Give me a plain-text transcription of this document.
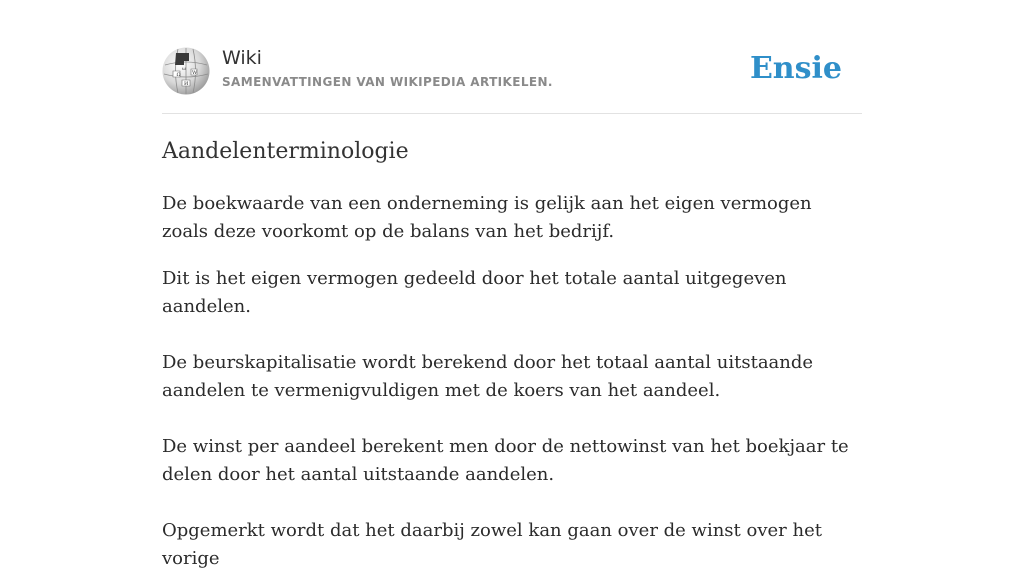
Ω W
И
ω Wiki
SAMENVATTINGEN VAN WIKIPEDIA ARTIKELEN.	Ensie
Aandelenterminologie

De boekwaarde van een onderneming is gelijk aan het eigen vermogen zoals deze voorkomt op de balans van het bedrijf.

Dit is het eigen vermogen gedeeld door het totale aantal uitgegeven aandelen.

De beurskapitalisatie wordt berekend door het totaal aantal uitstaande aandelen te vermenigvuldigen met de koers van het aandeel.

De winst per aandeel berekent men door de nettowinst van het boekjaar te delen door het aantal uitstaande aandelen.

Opgemerkt wordt dat het daarbij zowel kan gaan over de winst over het vorige
